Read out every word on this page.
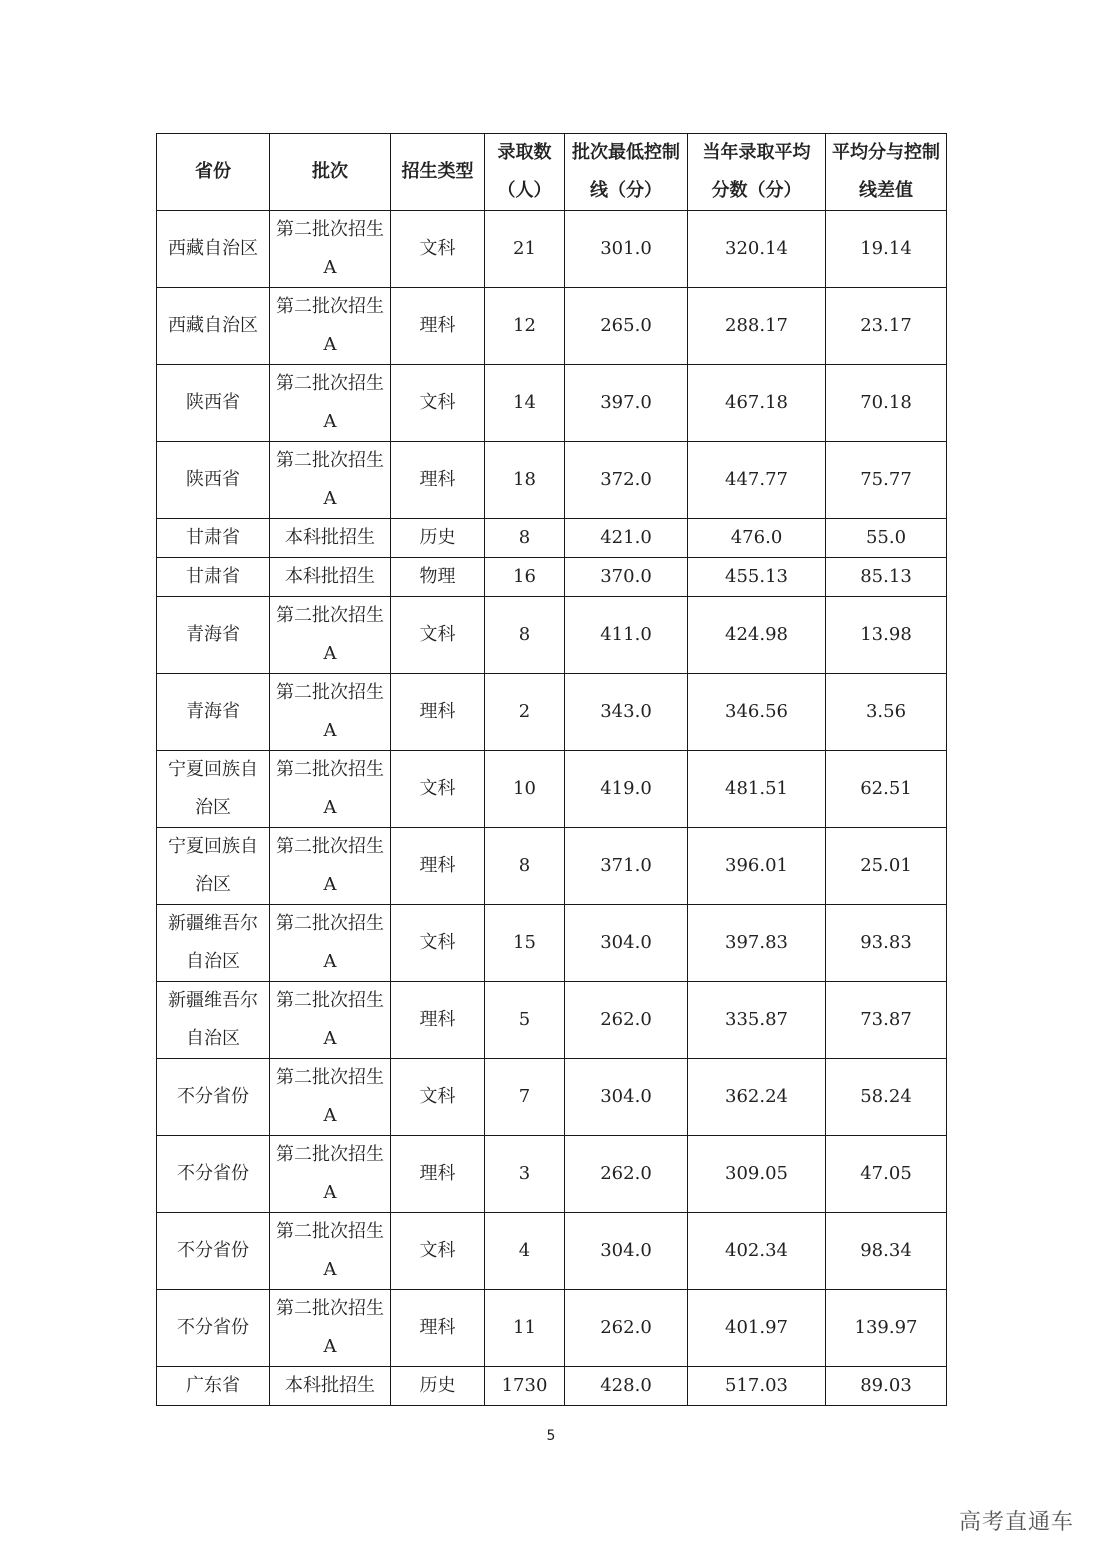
省份	批次	招生类型	录取数（人）	批次最低控制线（分）	当年录取平均分数（分）	平均分与控制线差值
西藏自治区	第二批次招生A	文科	21	301.0	320.14	19.14
西藏自治区	第二批次招生A	理科	12	265.0	288.17	23.17
陕西省	第二批次招生A	文科	14	397.0	467.18	70.18
陕西省	第二批次招生A	理科	18	372.0	447.77	75.77
甘肃省	本科批招生	历史	8	421.0	476.0	55.0
甘肃省	本科批招生	物理	16	370.0	455.13	85.13
青海省	第二批次招生A	文科	8	411.0	424.98	13.98
青海省	第二批次招生A	理科	2	343.0	346.56	3.56
宁夏回族自治区	第二批次招生A	文科	10	419.0	481.51	62.51
宁夏回族自治区	第二批次招生A	理科	8	371.0	396.01	25.01
新疆维吾尔自治区	第二批次招生A	文科	15	304.0	397.83	93.83
新疆维吾尔自治区	第二批次招生A	理科	5	262.0	335.87	73.87
不分省份	第二批次招生A	文科	7	304.0	362.24	58.24
不分省份	第二批次招生A	理科	3	262.0	309.05	47.05
不分省份	第二批次招生A	文科	4	304.0	402.34	98.34
不分省份	第二批次招生A	理科	11	262.0	401.97	139.97
广东省	本科批招生	历史	1730	428.0	517.03	89.03
5
高考直通车
